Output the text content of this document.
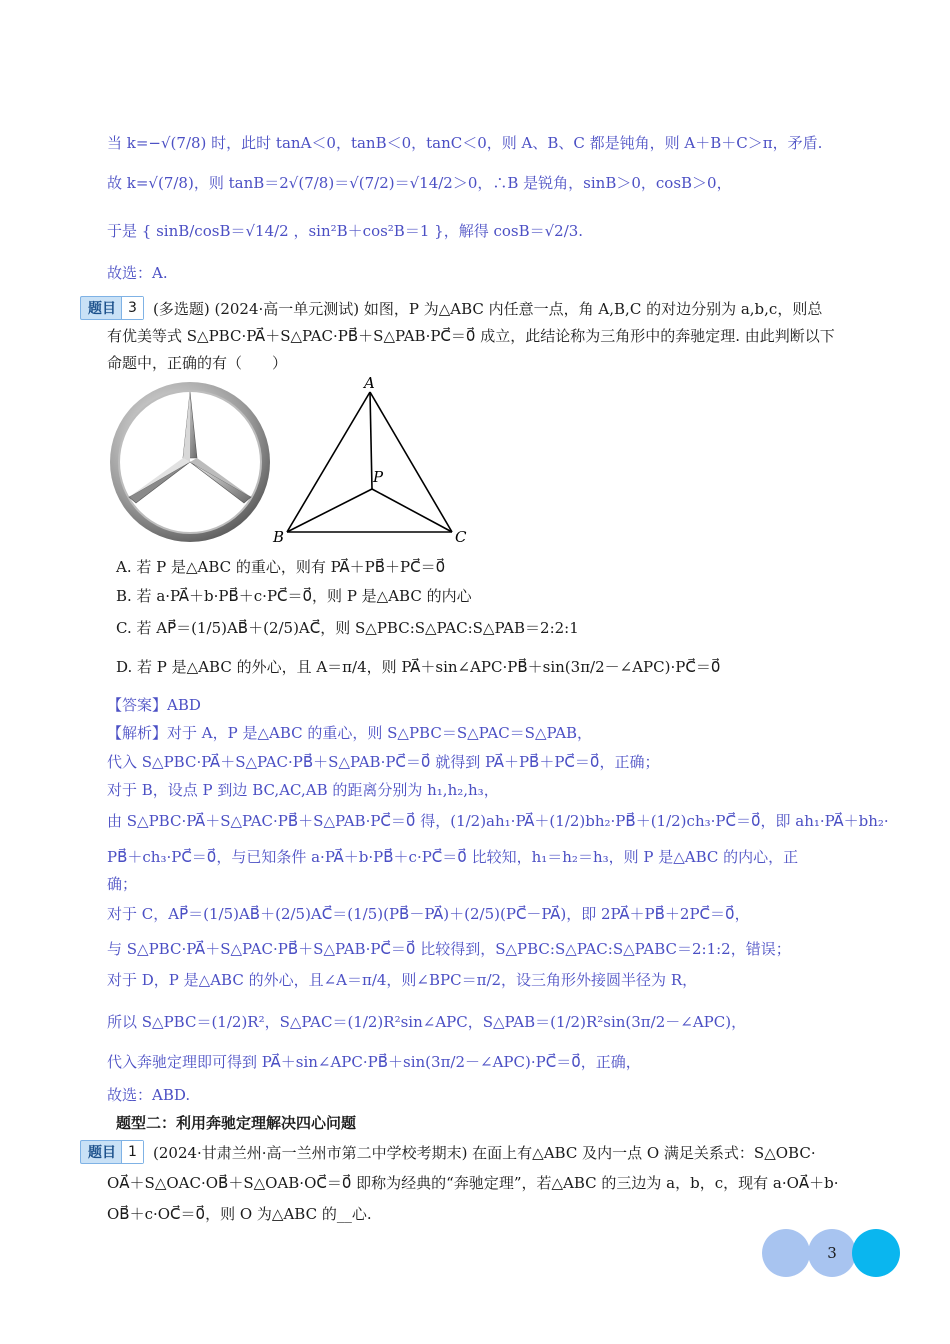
当 k=−√(7/8) 时，此时 tanA＜0，tanB＜0，tanC＜0，则 A、B、C 都是钝角，则 A＋B＋C＞π，矛盾.
故 k=√(7/8)，则 tanB＝2√(7/8)＝√(7/2)＝√14/2＞0，∴B 是锐角，sinB＞0，cosB＞0，
于是 { sinB/cosB＝√14/2 ，sin²B＋cos²B＝1 }，解得 cosB＝√2/3.
故选：A.
题目 3	(多选题) (2024·高一单元测试) 如图，P 为△ABC 内任意一点，角 A,B,C 的对边分别为 a,b,c，则总
有优美等式 S△PBC·PA⃗＋S△PAC·PB⃗＋S△PAB·PC⃗＝0⃗ 成立，此结论称为三角形中的奔驰定理. 由此判断以下
命题中，正确的有（　　）
A
B	C
P
A. 若 P 是△ABC 的重心，则有 PA⃗＋PB⃗＋PC⃗＝0⃗
B. 若 a·PA⃗＋b·PB⃗＋c·PC⃗＝0⃗，则 P 是△ABC 的内心
C. 若 AP⃗＝(1/5)AB⃗＋(2/5)AC⃗，则 S△PBC:S△PAC:S△PAB＝2:2:1
D. 若 P 是△ABC 的外心，且 A＝π/4，则 PA⃗＋sin∠APC·PB⃗＋sin(3π/2－∠APC)·PC⃗＝0⃗
【答案】ABD
【解析】对于 A，P 是△ABC 的重心，则 S△PBC＝S△PAC＝S△PAB，
代入 S△PBC·PA⃗＋S△PAC·PB⃗＋S△PAB·PC⃗＝0⃗ 就得到 PA⃗＋PB⃗＋PC⃗＝0⃗，正确；
对于 B，设点 P 到边 BC,AC,AB 的距离分别为 h₁,h₂,h₃，
由 S△PBC·PA⃗＋S△PAC·PB⃗＋S△PAB·PC⃗＝0⃗ 得，(1/2)ah₁·PA⃗＋(1/2)bh₂·PB⃗＋(1/2)ch₃·PC⃗＝0⃗，即 ah₁·PA⃗＋bh₂·
PB⃗＋ch₃·PC⃗＝0⃗，与已知条件 a·PA⃗＋b·PB⃗＋c·PC⃗＝0⃗ 比较知，h₁＝h₂＝h₃，则 P 是△ABC 的内心，正
确；
对于 C，AP⃗＝(1/5)AB⃗＋(2/5)AC⃗＝(1/5)(PB⃗－PA⃗)＋(2/5)(PC⃗－PA⃗)，即 2PA⃗＋PB⃗＋2PC⃗＝0⃗，
与 S△PBC·PA⃗＋S△PAC·PB⃗＋S△PAB·PC⃗＝0⃗ 比较得到，S△PBC:S△PAC:S△PABC＝2:1:2，错误；
对于 D，P 是△ABC 的外心，且∠A＝π/4，则∠BPC＝π/2，设三角形外接圆半径为 R，
所以 S△PBC＝(1/2)R²，S△PAC＝(1/2)R²sin∠APC，S△PAB＝(1/2)R²sin(3π/2－∠APC)，
代入奔驰定理即可得到 PA⃗＋sin∠APC·PB⃗＋sin(3π/2－∠APC)·PC⃗＝0⃗，正确，
故选：ABD.
题型二：利用奔驰定理解决四心问题
题目 1	(2024·甘肃兰州·高一兰州市第二中学校考期末) 在面上有△ABC 及内一点 O 满足关系式：S△OBC·
OA⃗＋S△OAC·OB⃗＋S△OAB·OC⃗＝0⃗ 即称为经典的“奔驰定理”，若△ABC 的三边为 a，b，c，现有 a·OA⃗＋b·
OB⃗＋c·OC⃗＝0⃗，则 O 为△ABC 的__心.
3
